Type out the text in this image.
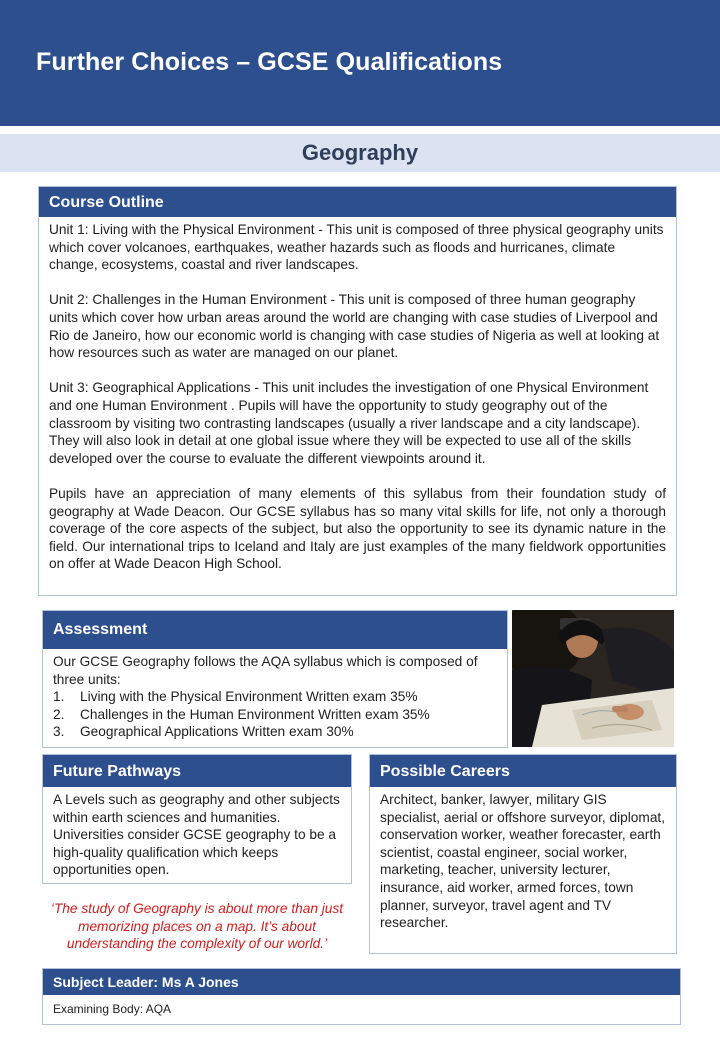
Further Choices – GCSE Qualifications
Geography
Course Outline
Unit 1: Living with the Physical Environment - This unit is composed of three physical geography units which cover volcanoes, earthquakes, weather hazards such as floods and hurricanes, climate change, ecosystems, coastal and river landscapes.
Unit 2: Challenges in the Human Environment - This unit is composed of three human geography units which cover how urban areas around the world are changing with case studies of Liverpool and Rio de Janeiro, how our economic world is changing with case studies of Nigeria as well at looking at how resources such as water are managed on our planet.
Unit 3: Geographical Applications - This unit includes the investigation of one Physical Environment and one Human Environment . Pupils will have the opportunity to study geography out of the classroom by visiting two contrasting landscapes (usually a river landscape and a city landscape). They will also look in detail at one global issue where they will be expected to use all of the skills developed over the course to evaluate the different viewpoints around it.
Pupils have an appreciation of many elements of this syllabus from their foundation study of geography at Wade Deacon. Our GCSE syllabus has so many vital skills for life, not only a thorough coverage of the core aspects of the subject, but also the opportunity to see its dynamic nature in the field. Our international trips to Iceland and Italy are just examples of the many fieldwork opportunities on offer at Wade Deacon High School.
Assessment
Our GCSE Geography follows the AQA syllabus which is composed of three units:
1.	Living with the Physical Environment Written exam 35%
2.	Challenges in the Human Environment Written exam 35%
3.	Geographical Applications Written exam 30%
Future Pathways
A Levels such as geography and other subjects within earth sciences and humanities. Universities consider GCSE geography to be a high-quality qualification which keeps opportunities open.
Possible Careers
Architect, banker, lawyer, military GIS specialist, aerial or offshore surveyor, diplomat, conservation worker, weather forecaster, earth scientist, coastal engineer, social worker, marketing, teacher, university lecturer, insurance, aid worker, armed forces, town planner, surveyor, travel agent and TV researcher.
‘The study of Geography is about more than just memorizing places on a map. It’s about understanding the complexity of our world.’
Subject Leader: Ms A Jones
Examining Body: AQA
